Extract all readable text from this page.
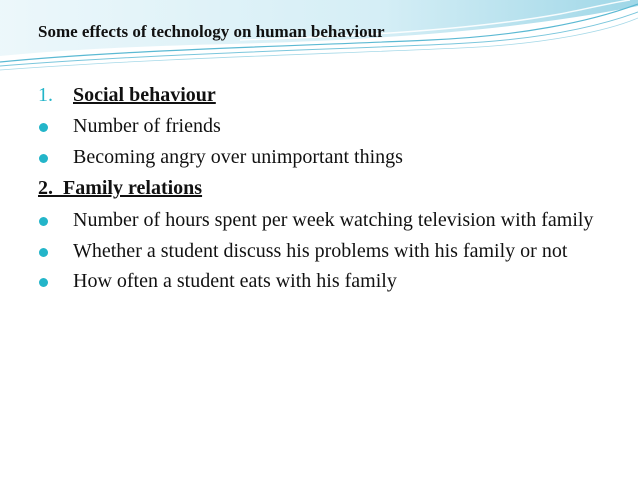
Some effects of technology on human behaviour
1.	Social behaviour
Number of friends
Becoming angry over unimportant things
2. Family relations
Number of hours spent per week watching television with family
Whether a student discuss his problems with his family or not
How often a student eats with his family
